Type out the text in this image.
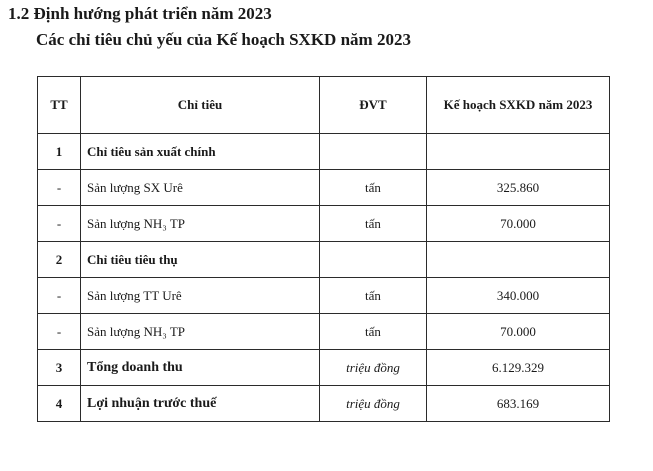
1.2 Định hướng phát triển năm 2023
Các chỉ tiêu chủ yếu của Kế hoạch SXKD năm 2023
TT	Chỉ tiêu	ĐVT	Kế hoạch SXKD năm 2023
1	Chỉ tiêu sản xuất chính		
-	Sản lượng SX Urê	tấn	325.860
-	Sản lượng NH₃ TP	tấn	70.000
2	Chỉ tiêu tiêu thụ		
-	Sản lượng TT Urê	tấn	340.000
-	Sản lượng NH₃ TP	tấn	70.000
3	Tổng doanh thu	triệu đồng	6.129.329
4	Lợi nhuận trước thuế	triệu đồng	683.169
